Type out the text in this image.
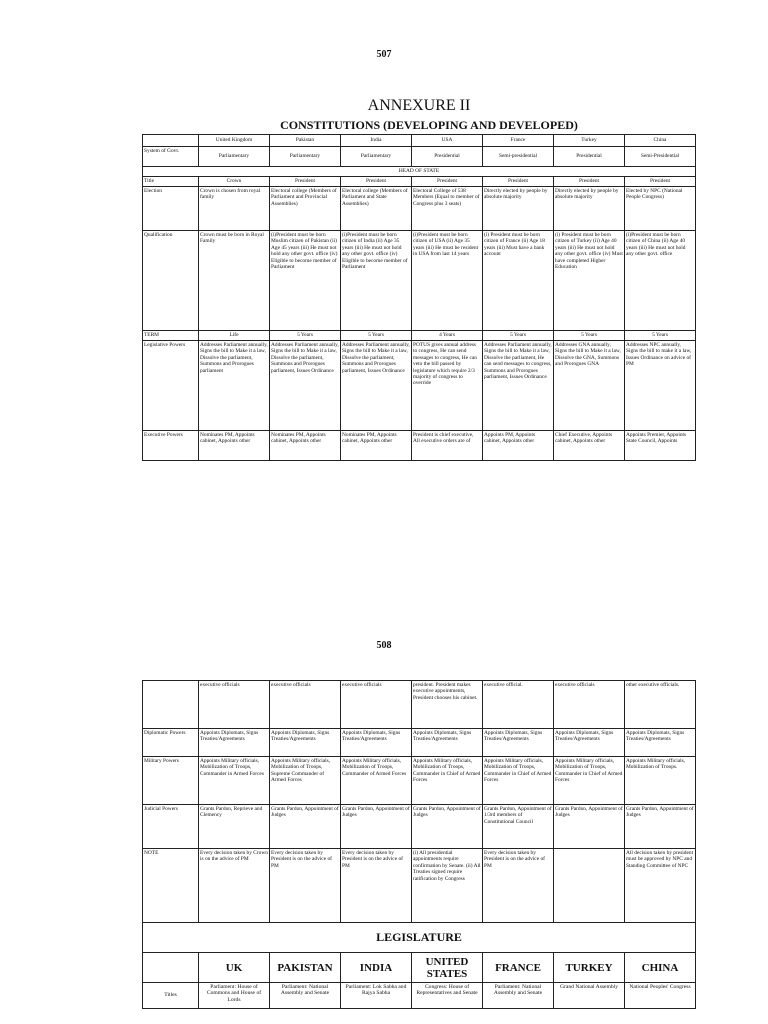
507
ANNEXURE II
CONSTITUTIONS (DEVELOPING AND DEVELOPED)
	United Kingdom	Pakistan	India	USA	France	Turkey	China
System of Govt.	Parliamentary	Parliamentary	Parliamentary	Presidential	Semi-presidential	Presidential	Semi-Presidential
HEAD OF STATE							
Title	Crown	President	President	President	President	President	President
Election	Crown is chosen from royal family	Electoral college (Members of Parliament and Provincial Assemblies)	Electoral college (Members of Parliament and State Assemblies)	Electoral College of 538 Members (Equal to member of Congress plus 3 seats)	Directly elected by people by absolute majority	Directly elected by people by absolute majority	Elected by NPC (National People Congress)
Qualification	Crown must be born in Royal Family	(i)President must be born Muslim citizen of Pakistan (ii) Age 45 years (iii) He must not hold any other govt. office (iv) Eligible to become member of Parliament	(i)President must be born citizen of India (ii) Age 35 years (iii) He must not hold any other govt. office (iv) Eligible to become member of Parliament	(i)President must be born citizen of USA (ii) Age 35 years (iii) He must be resident in USA from last 14 years	(i) President must be born citizen of France (ii) Age 18 years (iii) Must have a bank account	(i) President must be born citizen of Turkey (ii) Age 40 years (iii) He must not hold any other govt. office (iv) Must have completed Higher Education	(i)President must be born citizen of China (ii) Age 40 years (iii) He must not hold any other govt. office
TERM	Life	5 Years	5 Years	4 Years	5 Years	5 Years	5 Years
Legislative Powers	Addresses Parliament annually, Signs the bill to Make it a law, Dissolve the parliament, Summons and Prorogues parliament	Addresses Parliament annually, Signs the bill to Make it a law, Dissolve the parliament, Summons and Prorogues parliament, Issues Ordinance	Addresses Parliament annually, Signs the bill to Make it a law, Dissolve the parliament, Summons and Prorogues parliament, Issues Ordinance	POTUS gives annual address to congress, He can send messages to congress, He can veto the bill passed by legislature which require 2/3 majority of congress to override	Addresses Parliament annually, Signs the bill to Make it a law, Dissolve the parliament, He can send messages to congress, Summons and Prorogues parliament, Issues Ordinance	Addresses GNA annually, Signs the bill to Make it a law, Dissolve the GNA, Summons and Prorogues GNA	Addresses NPC annually, Signs the bill to make it a law, Issues Ordinance on advice of PM
Executive Powers	Nominates PM, Appoints cabinet, Appoints other	Nominates PM, Appoints cabinet, Appoints other	Nominates PM, Appoints cabinet, Appoints other	President is chief executive, All executive orders are of	Appoints PM, Appoints cabinet, Appoints other	Chief Executive, Appoints cabinet, Appoints other	Appoints Premier, Appoints State Council, Appoints
508
	executive officials	executive officials	executive officials	president. President makes executive appointments, President chooses his cabinet.	executive official.	executive officials	other executive officials.
Diplomatic Powers	Appoints Diplomats, Signs Treaties/Agreements	Appoints Diplomats, Signs Treaties/Agreements	Appoints Diplomats, Signs Treaties/Agreements	Appoints Diplomats, Signs Treaties/Agreements	Appoints Diplomats, Signs Treaties/Agreements	Appoints Diplomats, Signs Treaties/Agreements	Appoints Diplomats, Signs Treaties/Agreements
Military Powers	Appoints Military officials, Mobilization of Troops, Commander in Armed Forces	Appoints Military officials, Mobilization of Troops, Supreme Commander of Armed Forces	Appoints Military officials, Mobilization of Troops, Commander of Armed Forces	Appoints Military officials, Mobilization of Troops, Commander in Chief of Armed Forces	Appoints Military officials, Mobilization of Troops, Commander in Chief of Armed Forces	Appoints Military officials, Mobilization of Troops, Commander in Chief of Armed Forces	Appoints Military officials, Mobilization of Troops.
Judicial Powers	Grants Pardon, Reprieve and Clemency	Grants Pardon, Appointment of Judges	Grants Pardon, Appointment of Judges	Grants Pardon, Appointment of Judges	Grants Pardon, Appointment of 1/3rd members of Constitutional Council	Grants Pardon, Appointment of Judges	Grants Pardon, Appointment of Judges
NOTE	Every decision taken by Crown is on the advice of PM	Every decision taken by President is on the advice of PM	Every decision taken by President is on the advice of PM	(i) All presidential appointments require confirmation by Senate. (ii) All Treaties signed require ratification by Congress	Every decision taken by President is on the advice of PM		All decision taken by president must be approved by NPC and Standing Committee of NPC
LEGISLATURE							
	UK	PAKISTAN	INDIA	UNITED STATES	FRANCE	TURKEY	CHINA
Titles	Parliament: House of Commons and House of Lords	Parliament: National Assembly and Senate	Parliament: Lok Sabha and Rajya Sabha	Congress: House of Representatives and Senate	Parliament: National Assembly and Senate	Grand National Assembly	National Peoples' Congress
